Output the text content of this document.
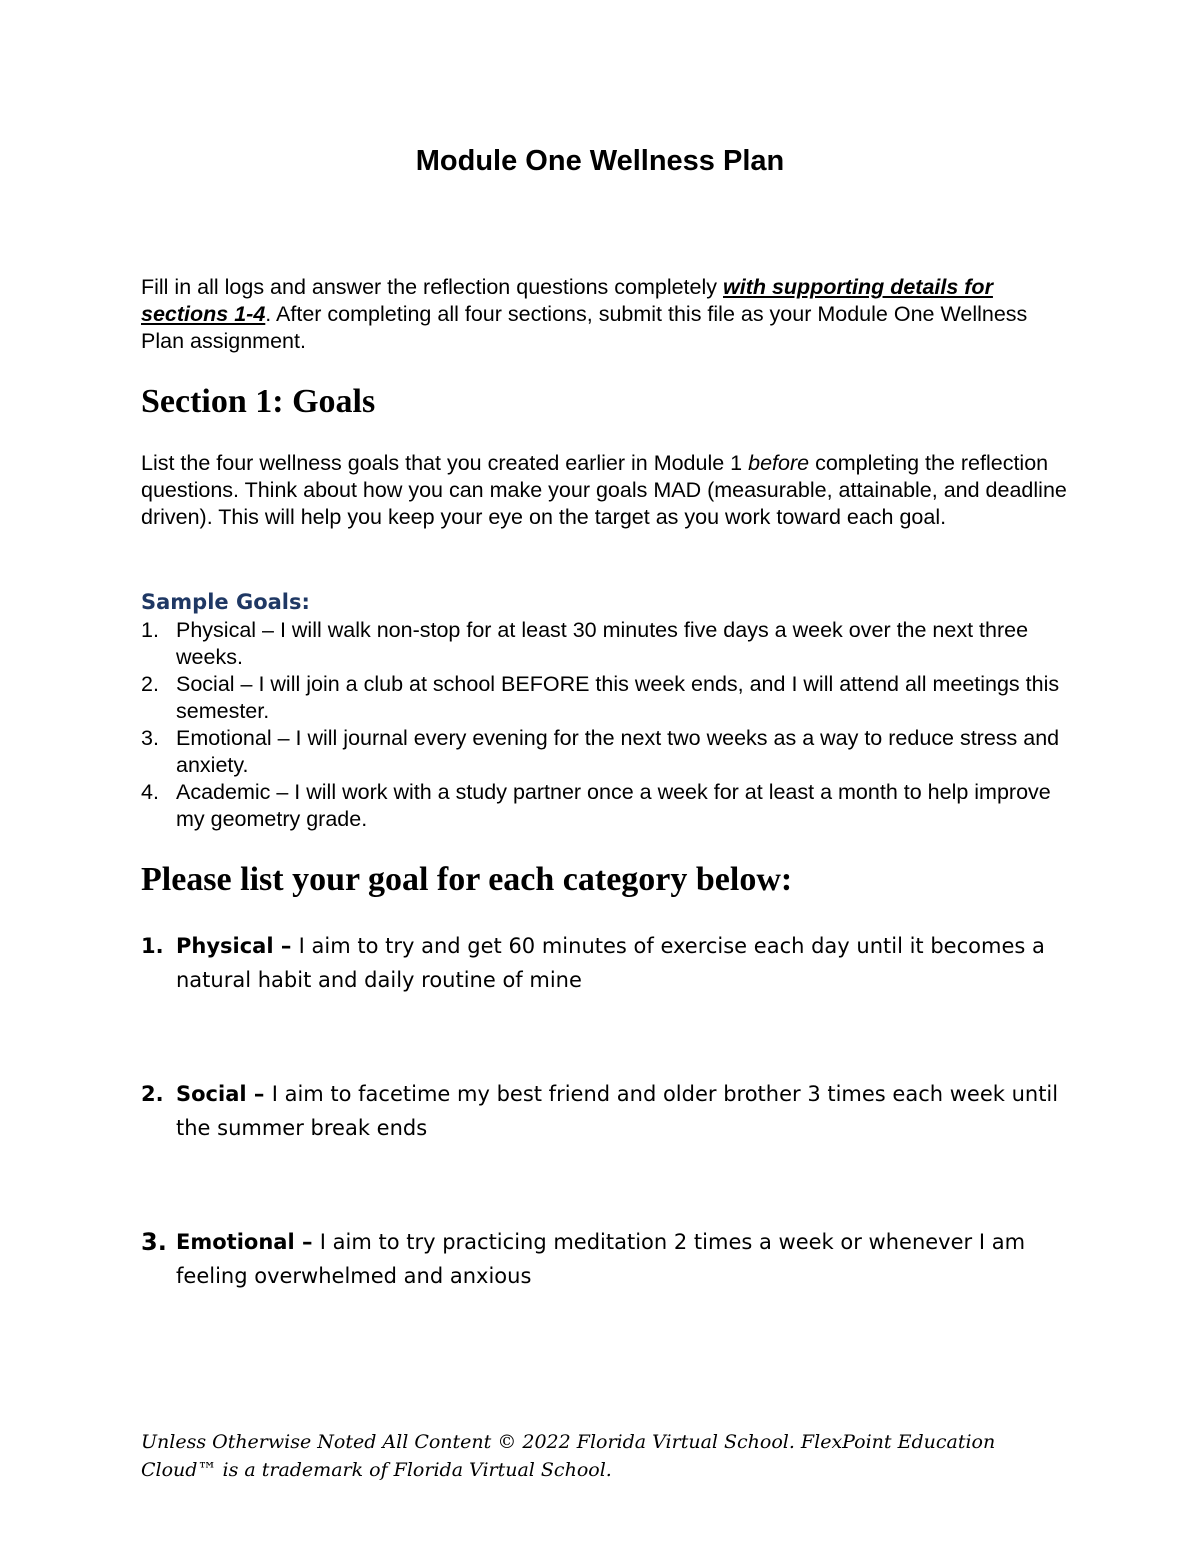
Module One Wellness Plan
Fill in all logs and answer the reflection questions completely with supporting details for sections 1-4. After completing all four sections, submit this file as your Module One Wellness Plan assignment.
Section 1: Goals
List the four wellness goals that you created earlier in Module 1 before completing the reflection questions. Think about how you can make your goals MAD (measurable, attainable, and deadline driven). This will help you keep your eye on the target as you work toward each goal.
Sample Goals:
1. Physical – I will walk non-stop for at least 30 minutes five days a week over the next three weeks.
2. Social – I will join a club at school BEFORE this week ends, and I will attend all meetings this semester.
3. Emotional – I will journal every evening for the next two weeks as a way to reduce stress and anxiety.
4. Academic – I will work with a study partner once a week for at least a month to help improve my geometry grade.
Please list your goal for each category below:
1. Physical – I aim to try and get 60 minutes of exercise each day until it becomes a natural habit and daily routine of mine
2. Social – I aim to facetime my best friend and older brother 3 times each week until the summer break ends
3. Emotional – I aim to try practicing meditation 2 times a week or whenever I am feeling overwhelmed and anxious
Unless Otherwise Noted All Content © 2022 Florida Virtual School. FlexPoint Education Cloud™ is a trademark of Florida Virtual School.
